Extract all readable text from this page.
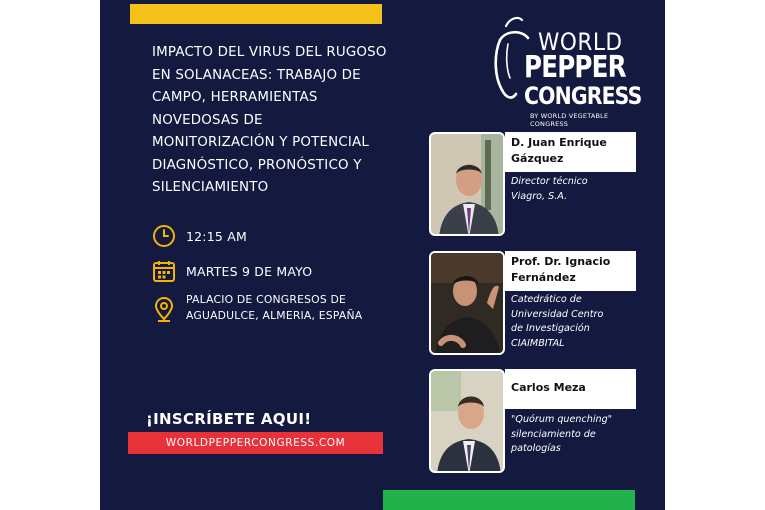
IMPACTO DEL VIRUS DEL RUGOSO EN SOLANACEAS: TRABAJO DE CAMPO, HERRAMIENTAS NOVEDOSAS DE MONITORIZACIÓN Y POTENCIAL DIAGNÓSTICO, PRONÓSTICO Y SILENCIAMIENTO
12:15 AM
MARTES 9 DE MAYO
PALACIO DE CONGRESOS DE
AGUADULCE, ALMERIA, ESPAÑA
¡INSCRÍBETE AQUI!
WORLDPEPPERCONGRESS.COM
WORLD
PEPPER
CONGRESS
BY WORLD VEGETABLE CONGRESS
D. Juan Enrique
Gázquez
Director técnico
Viagro, S.A.
Prof. Dr. Ignacio
Fernández
Catedrático de
Universidad Centro
de Investigación
CIAIMBITAL
Carlos Meza
"Quórum quenching"
silenciamiento de
patologías
